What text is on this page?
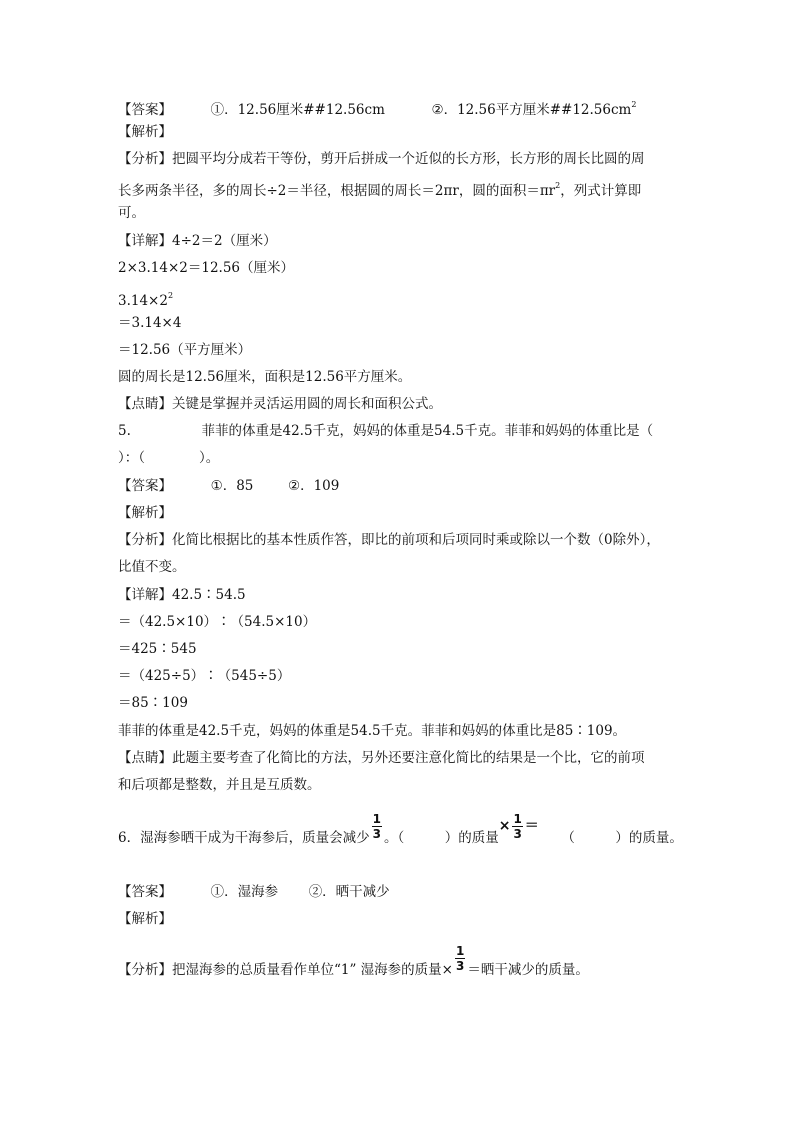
【答案】	①．12.56厘米##12.56cm	②．12.56平方厘米$\#\#12.56cm^2$
【解析】
【分析】把圆平均分成若干等份，剪开后拼成一个近似的长方形，长方形的周长比圆的周
长多两条半径，多的周长÷2＝半径，根据圆的周长＝2πr，圆的面积$=\pi r^2$，列式计算即
可。
【详解】4÷2＝2（厘米）
2×3.14×2＝12.56（厘米）
$3.14\times 2^2$
＝3.14×4
＝12.56（平方厘米）
圆的周长是12.56厘米，面积是12.56平方厘米。
【点睛】关键是掌握并灵活运用圆的周长和面积公式。
5.	菲菲的体重是42.5千克，妈妈的体重是54.5千克。菲菲和妈妈的体重比是（
）：（　　　　）。
【答案】	①．85	②．109
【解析】
【分析】化简比根据比的基本性质作答，即比的前项和后项同时乘或除以一个数（0除外），
比值不变。
【详解】42.5∶54.5
＝（42.5×10）∶（54.5×10）
＝425∶545
＝（425÷5）∶（545÷5）
＝85∶109
菲菲的体重是42.5千克，妈妈的体重是54.5千克。菲菲和妈妈的体重比是85∶109。
【点睛】此题主要考查了化简比的方法，另外还要注意化简比的结果是一个比，它的前项
和后项都是整数，并且是互质数。
6．湿海参晒干成为干海参后，质量会减少 $\frac{1}{3}$ 。（　　　）的质量× $\frac{1}{3}$ ＝  （　　　）的质量。
【答案】	①．湿海参 ②．晒干减少
【解析】
【分析】把湿海参的总质量看作单位“1” 湿海参的质量× $\frac{1}{3}$ ＝晒干减少的质量。
